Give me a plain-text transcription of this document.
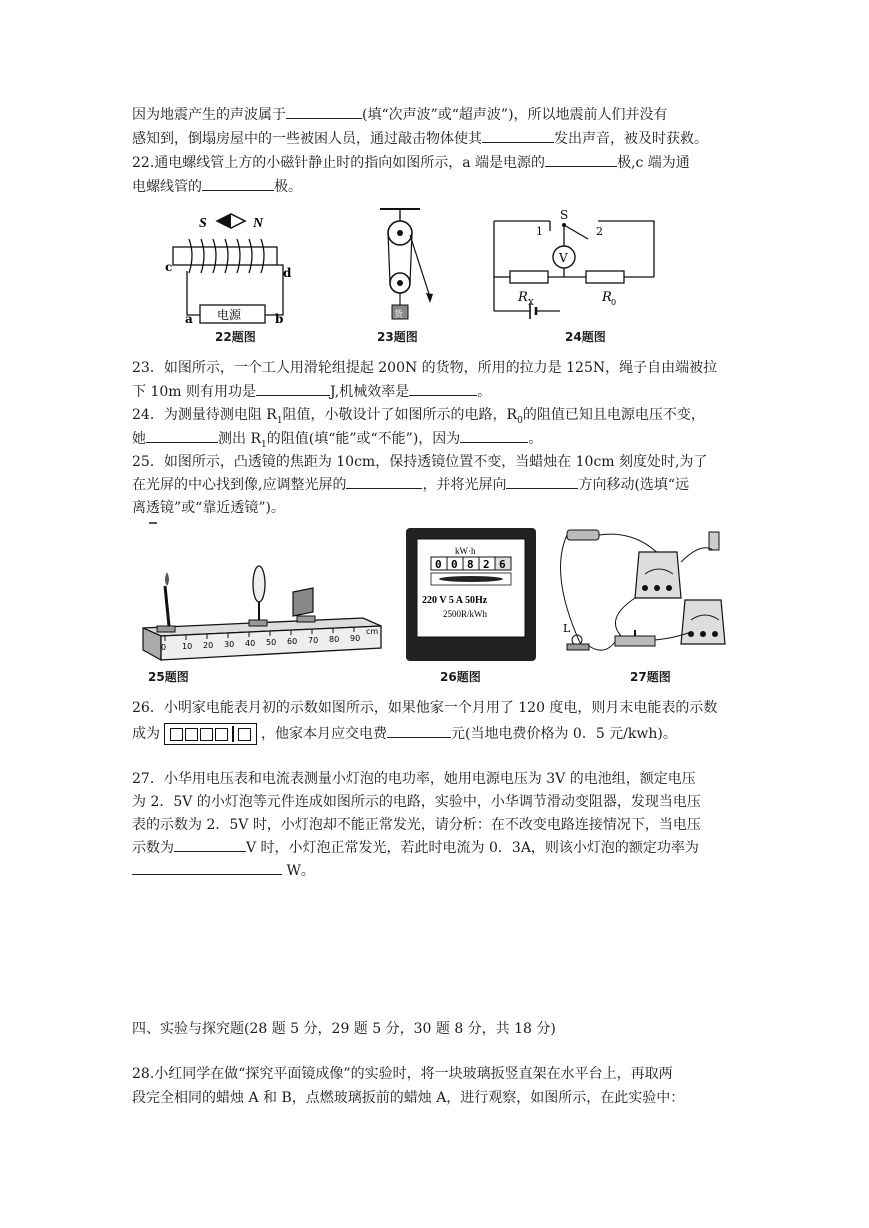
因为地震产生的声波属于	(填“次声波”或“超声波”)，所以地震前人们并没有
感知到，倒塌房屋中的一些被困人员，通过敲击物体使其	发出声音，被及时获救。
22.通电螺线管上方的小磁针静止时的指向如图所示，a 端是电源的	极,c 端为通
电螺线管的	极。
S	N
c	d
电源
a	b
22题图
货
23题图
S
1	2
V
R X	R 0
24题图
23．如图所示，一个工人用滑轮组提起 200N 的货物，所用的拉力是 125N，绳子自由端被拉
下 10m 则有用功是	J,机械效率是	。
24．为测量待测电阻 $R_1$阻值，小敬设计了如图所示的电路，$R_0$的阻值已知且电源电压不变，
她	测出 $R_1$的阻值(填“能”或“不能”)，因为	。
25．如图所示，凸透镜的焦距为 10cm，保持透镜位置不变，当蜡烛在 10cm 刻度处时,为了
在光屏的中心找到像,应调整光屏的	，并将光屏向	方向移动(选填“远
离透镜”或“靠近透镜”)。
0 10 20 30 40 50 60 70 80 90
cm
25题图
kW·h
0 0 8 2 6
220 V 5 A 50Hz
2500R/kWh
26题图
L
27题图
26．小明家电能表月初的示数如图所示，如果他家一个月用了 120 度电，则月末电能表的示数
成为	，他家本月应交电费	元(当地电费价格为 0．5 元/kwh)。
27．小华用电压表和电流表测量小灯泡的电功率，她用电源电压为 3V 的电池组，额定电压
为 2．5V 的小灯泡等元件连成如图所示的电路，实验中，小华调节滑动变阻器，发现当电压
表的示数为 2．5V 时，小灯泡却不能正常发光，请分析：在不改变电路连接情况下，当电压
示数为	V 时，小灯泡正常发光，若此时电流为 0．3A，则该小灯泡的额定功率为
W。
四、实验与探究题(28 题 5 分，29 题 5 分，30 题 8 分，共 18 分)
28.小红同学在做“探究平面镜成像”的实验时，将一块玻璃扳竖直架在水平台上，再取两
段完全相同的蜡烛 A 和 B，点燃玻璃扳前的蜡烛 A，进行观察，如图所示，在此实验中：
